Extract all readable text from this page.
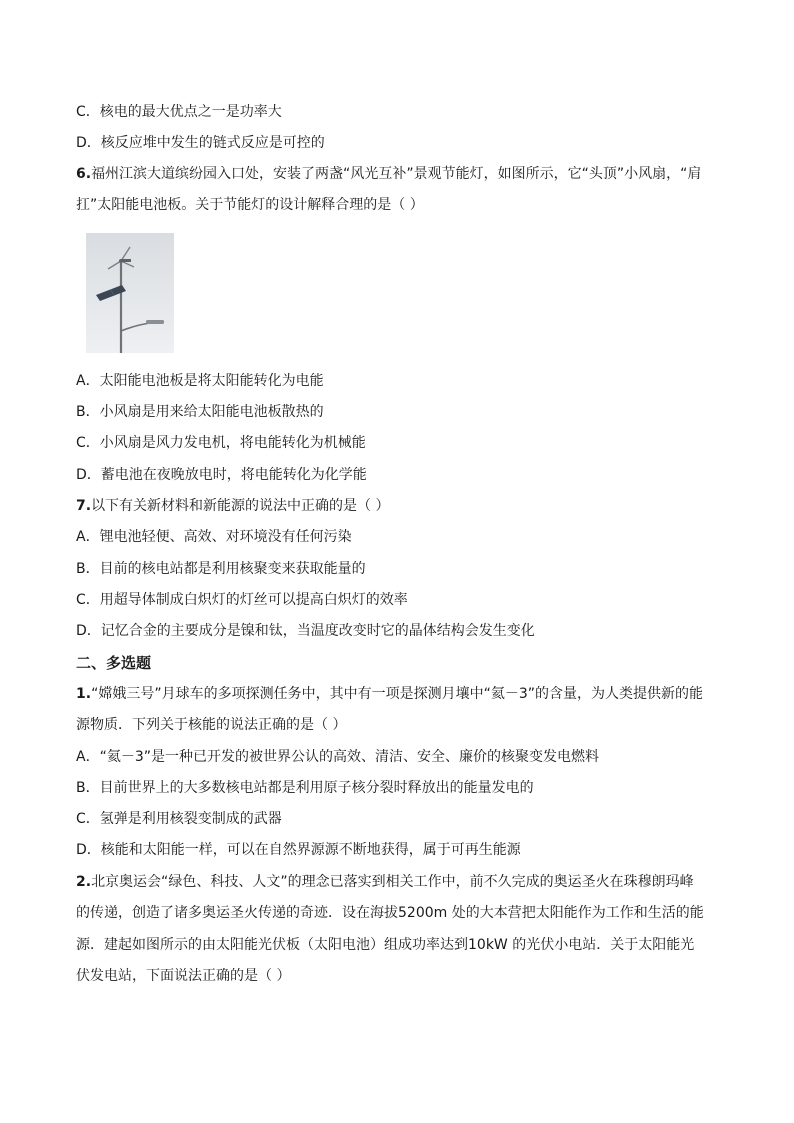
C．核电的最大优点之一是功率大
D．核反应堆中发生的链式反应是可控的
6.福州江滨大道缤纷园入口处，安装了两盏“风光互补”景观节能灯，如图所示，它“头顶”小风扇，“肩
扛”太阳能电池板。关于节能灯的设计解释合理的是（ ）
A．太阳能电池板是将太阳能转化为电能
B．小风扇是用来给太阳能电池板散热的
C．小风扇是风力发电机，将电能转化为机械能
D．蓄电池在夜晚放电时，将电能转化为化学能
7.以下有关新材料和新能源的说法中正确的是（ ）
A．锂电池轻便、高效、对环境没有任何污染
B．目前的核电站都是利用核聚变来获取能量的
C．用超导体制成白炽灯的灯丝可以提高白炽灯的效率
D．记忆合金的主要成分是镍和钛，当温度改变时它的晶体结构会发生变化
二、多选题
1.“嫦娥三号”月球车的多项探测任务中，其中有一项是探测月壤中“氦－3”的含量，为人类提供新的能
源物质．下列关于核能的说法正确的是（ ）
A．“氦－3”是一种已开发的被世界公认的高效、清洁、安全、廉价的核聚变发电燃料
B．目前世界上的大多数核电站都是利用原子核分裂时释放出的能量发电的
C．氢弹是利用核裂变制成的武器
D．核能和太阳能一样，可以在自然界源源不断地获得，属于可再生能源
2.北京奥运会“绿色、科技、人文”的理念已落实到相关工作中，前不久完成的奥运圣火在珠穆朗玛峰
的传递，创造了诸多奥运圣火传递的奇迹．设在海拔5200m 处的大本营把太阳能作为工作和生活的能
源．建起如图所示的由太阳能光伏板（太阳电池）组成功率达到10kW 的光伏小电站．关于太阳能光
伏发电站，下面说法正确的是（ ）
